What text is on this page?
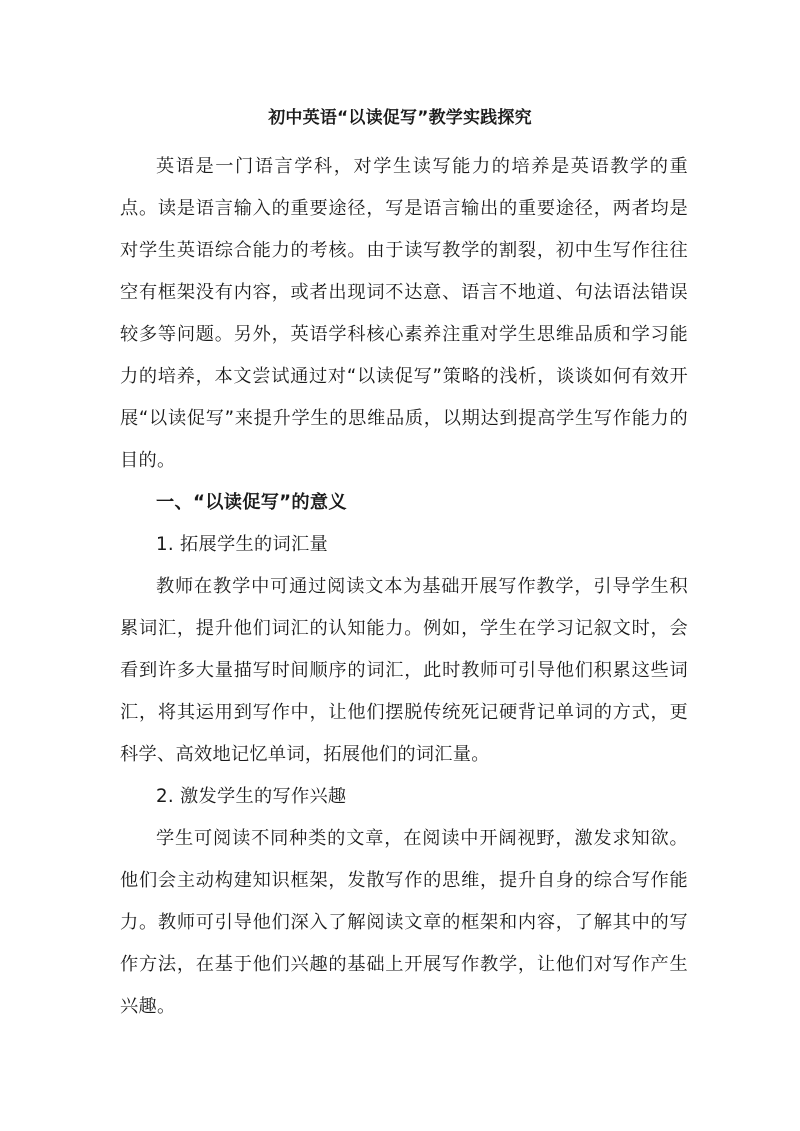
初中英语“以读促写”教学实践探究

英语是一门语言学科，对学生读写能力的培养是英语教学的重点。读是语言输入的重要途径，写是语言输出的重要途径，两者均是对学生英语综合能力的考核。由于读写教学的割裂，初中生写作往往空有框架没有内容，或者出现词不达意、语言不地道、句法语法错误较多等问题。另外，英语学科核心素养注重对学生思维品质和学习能力的培养，本文尝试通过对“以读促写”策略的浅析，谈谈如何有效开展“以读促写”来提升学生的思维品质，以期达到提高学生写作能力的目的。

一、“以读促写”的意义

1. 拓展学生的词汇量

教师在教学中可通过阅读文本为基础开展写作教学，引导学生积累词汇，提升他们词汇的认知能力。例如，学生在学习记叙文时，会看到许多大量描写时间顺序的词汇，此时教师可引导他们积累这些词汇，将其运用到写作中，让他们摆脱传统死记硬背记单词的方式，更科学、高效地记忆单词，拓展他们的词汇量。

2. 激发学生的写作兴趣

学生可阅读不同种类的文章，在阅读中开阔视野，激发求知欲。他们会主动构建知识框架，发散写作的思维，提升自身的综合写作能力。教师可引导他们深入了解阅读文章的框架和内容，了解其中的写作方法，在基于他们兴趣的基础上开展写作教学，让他们对写作产生兴趣。
